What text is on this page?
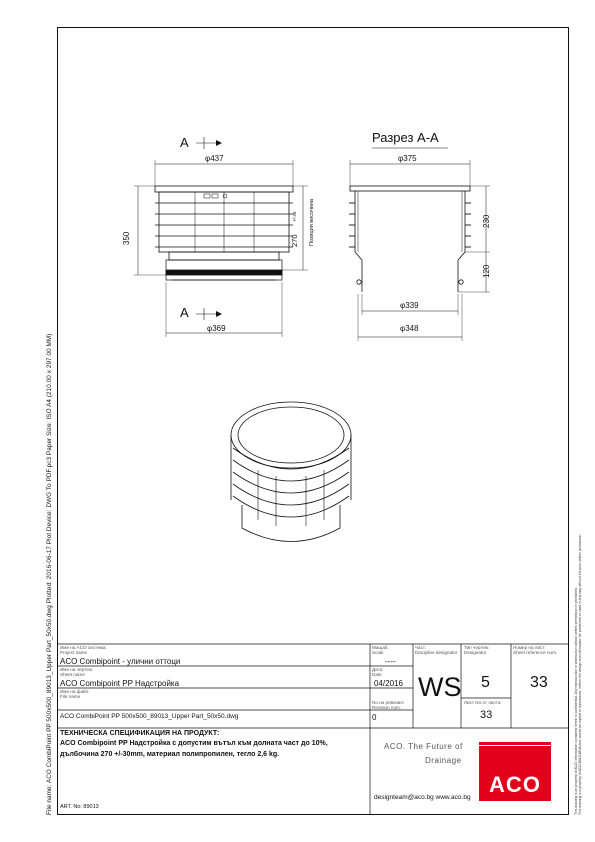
File name: ACO CombiPoint PP 500x500_89013_Upper Part_50x50.dwg Plotted: 2016-06-17 Plot Device: DWG To PDF.pc3 Paper Size: ISO A4 (210.00 x 297.00 MM)	This drawing is an property of ACO. Information contained herein is confidential. Any reproduction or distribution without written permission is prohibited. This drawing is a property of ACO BULGARIA and cannot be copied or reproduced, neither the design and information be presented or used in any way without the prior written permission.
A
A
Разрез A-A
φ437
φ369
350	270
+/-30 Позиция височина
φ375
φ339
φ348
230
120
Име на ACO система:
Project name
ACO Combipoint - улични оттоци
Име на чертеж:
Sheet name
ACO Combipoint PP Надстройка
Име на файл:
File name
ACO CombiPoint PP 500x500_89013_Upper Part_50x50.dwg
Мащаб:
Scale
----
Дата:
Date
04/2016
No на ревизия:
Revision num.
0
Част:
Discipline designator
WS
Тип чертеж:
Designator
5
Лист No от листа:
33
Номер на лист:
Sheet reference num.
33
ТЕХНИЧЕСКА СПЕЦИФИКАЦИЯ НА ПРОДУКТ:
ACO Combipoint PP Надстройка с допустим вътъл към долната част до 10%,
дълбочина 270 +/-30mm, материал полипропилен, тегло 2,6 kg.
ART. No: 89013
ACO. The Future of
Drainage
designteam@aco.bg www.aco.bg
ACO
